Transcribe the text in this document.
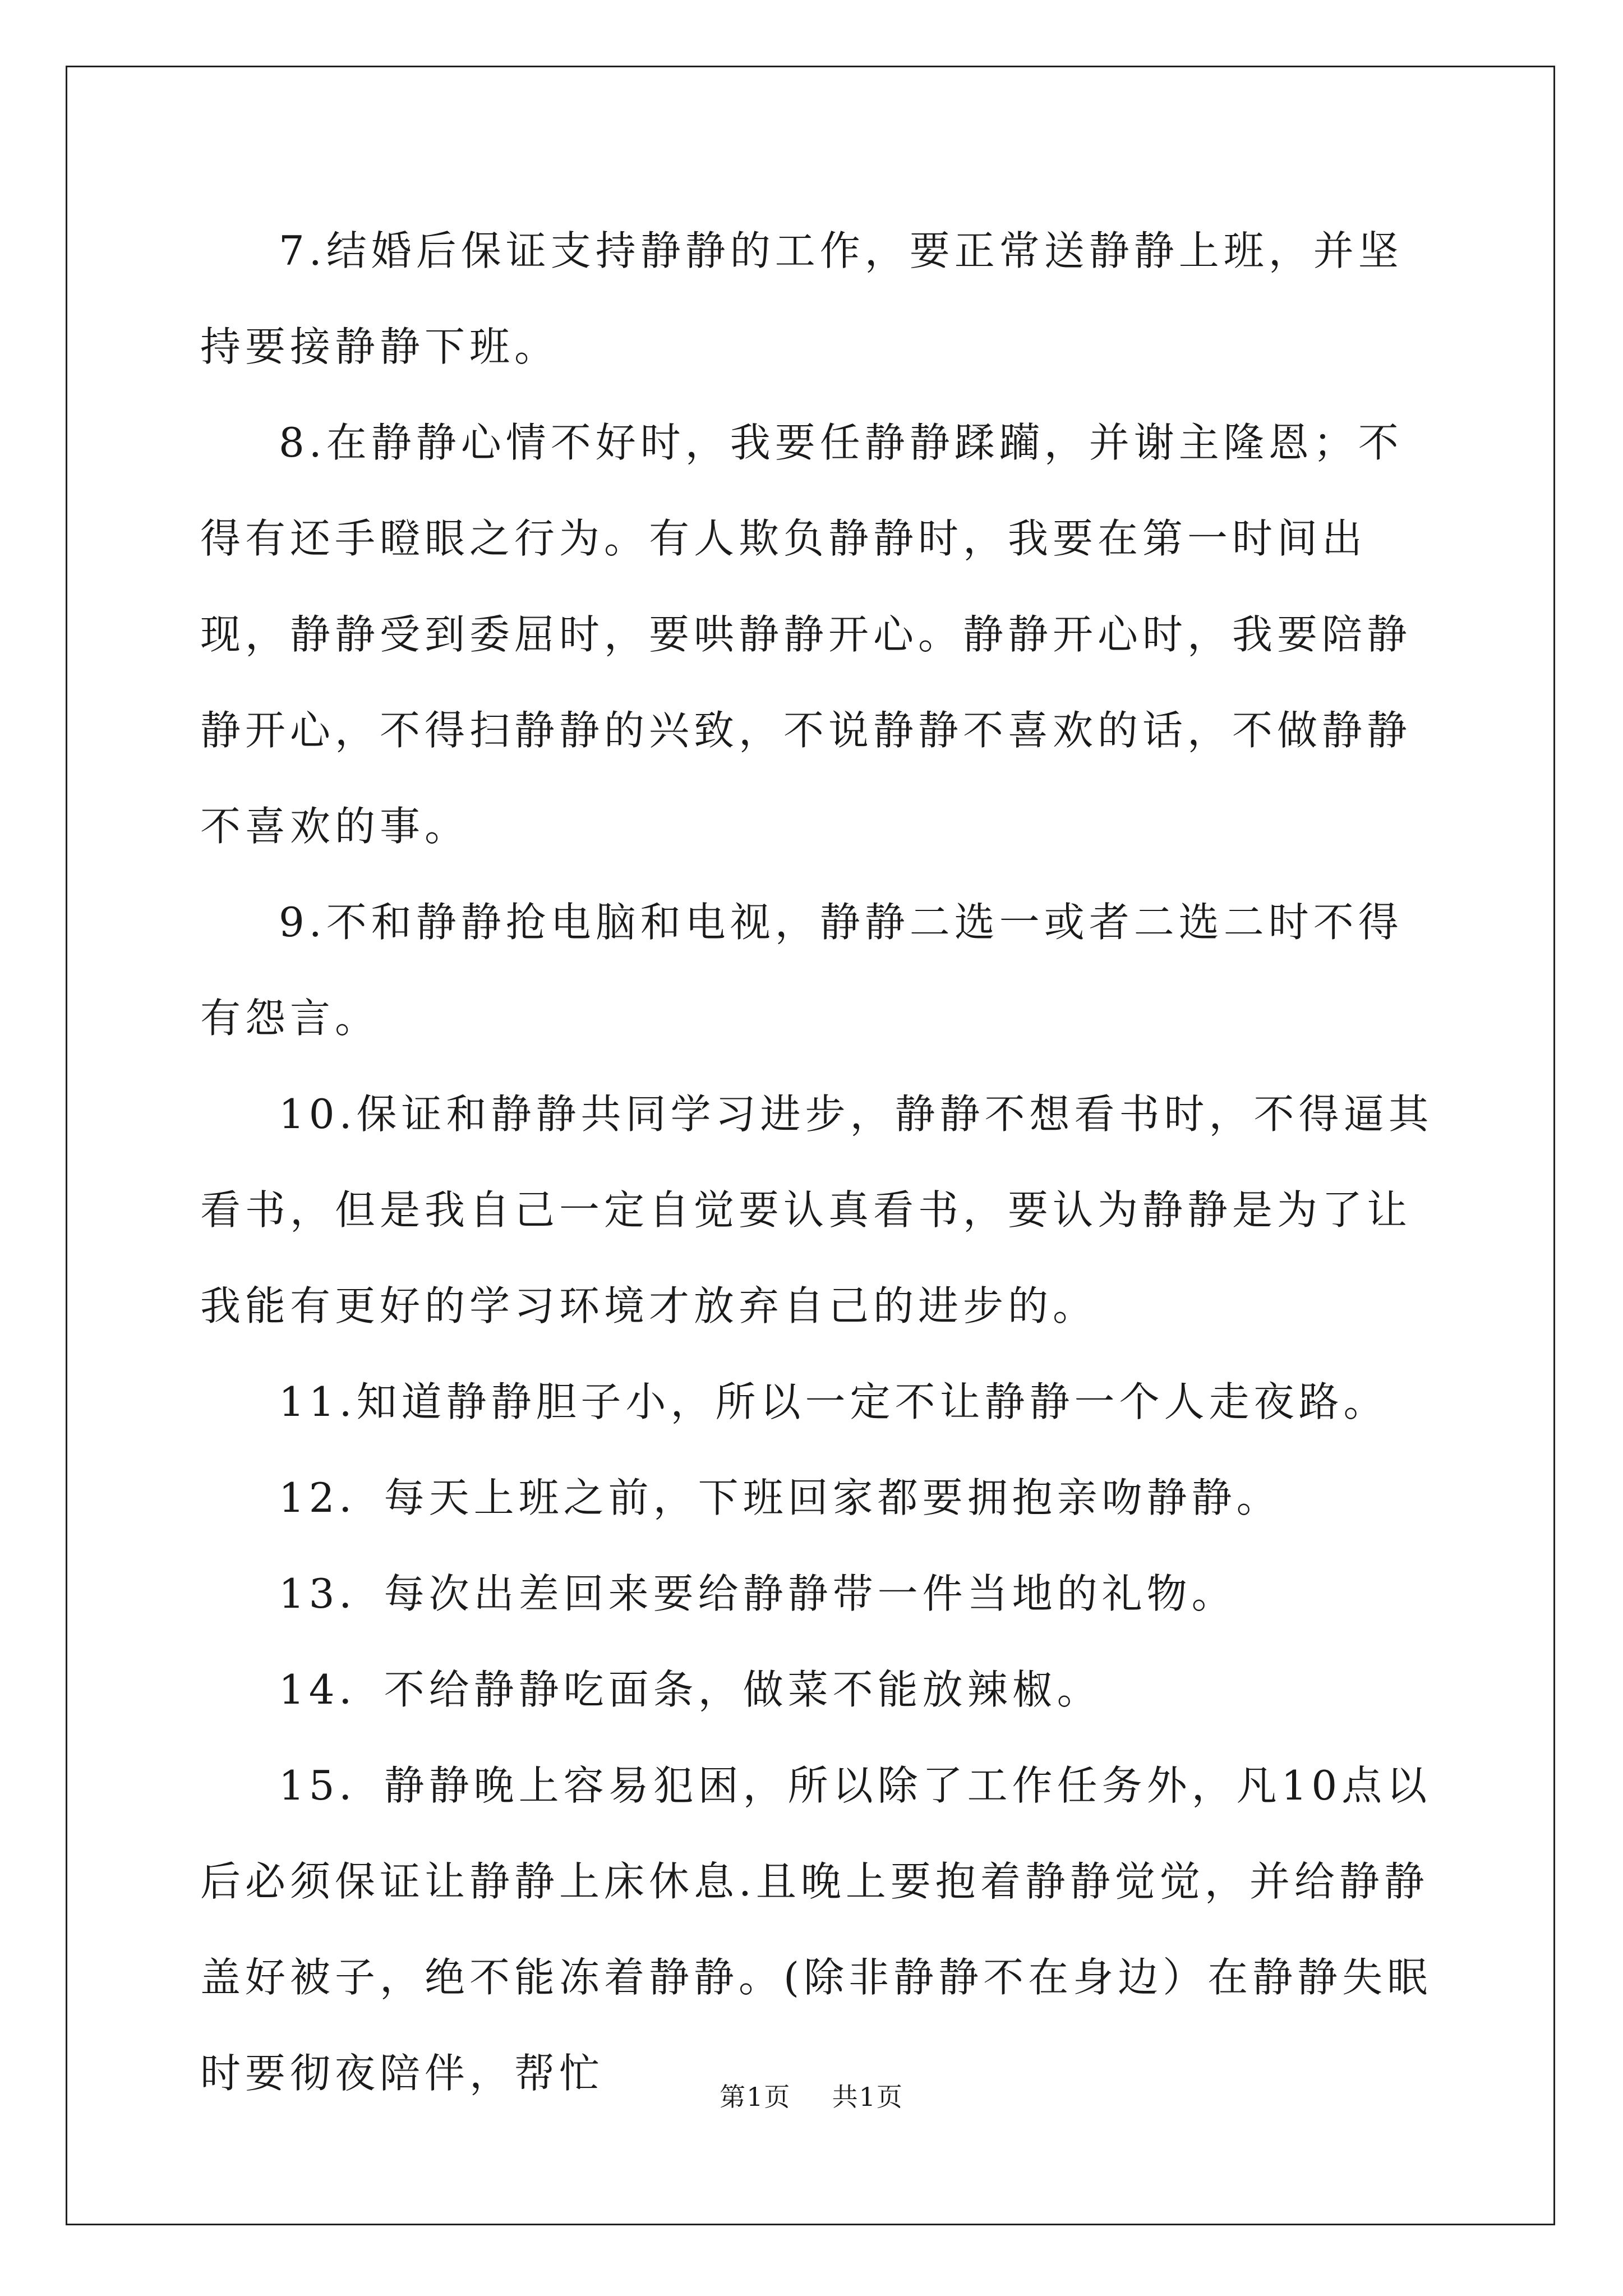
7.结婚后保证支持静静的工作，要正常送静静上班，并坚持要接静静下班。

8.在静静心情不好时，我要任静静蹂躏，并谢主隆恩；不得有还手瞪眼之行为。有人欺负静静时，我要在第一时间出现，静静受到委屈时，要哄静静开心。静静开心时，我要陪静静开心，不得扫静静的兴致，不说静静不喜欢的话，不做静静不喜欢的事。

9.不和静静抢电脑和电视，静静二选一或者二选二时不得有怨言。

10.保证和静静共同学习进步，静静不想看书时，不得逼其看书，但是我自己一定自觉要认真看书，要认为静静是为了让我能有更好的学习环境才放弃自己的进步的。

11.知道静静胆子小，所以一定不让静静一个人走夜路。

12．每天上班之前，下班回家都要拥抱亲吻静静。

13．每次出差回来要给静静带一件当地的礼物。

14．不给静静吃面条，做菜不能放辣椒。

15．静静晚上容易犯困，所以除了工作任务外，凡10点以后必须保证让静静上床休息.且晚上要抱着静静觉觉，并给静静盖好被子，绝不能冻着静静。(除非静静不在身边）在静静失眠时要彻夜陪伴，帮忙	第1页 共1页
